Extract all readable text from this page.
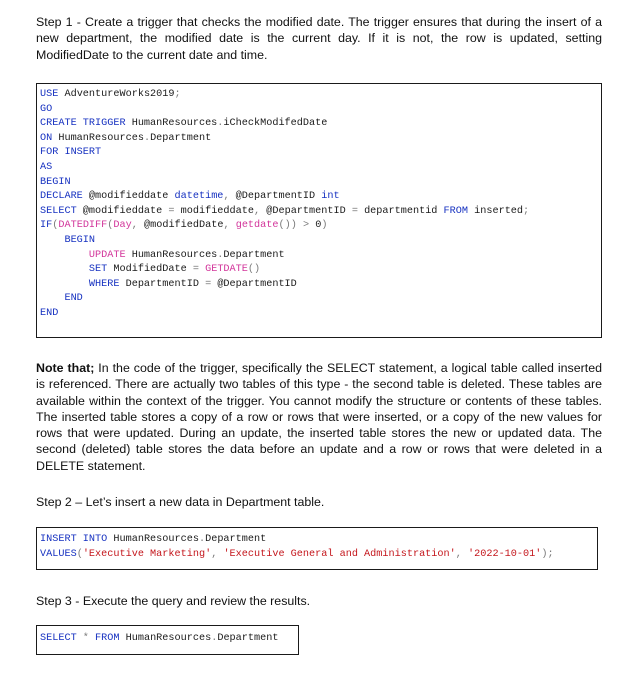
Step 1 - Create a trigger that checks the modified date. The trigger ensures that during the insert of a new department, the modified date is the current day. If it is not, the row is updated, setting ModifiedDate to the current date and time.

USE AdventureWorks2019;
GO
CREATE TRIGGER HumanResources.iCheckModifedDate
ON HumanResources.Department
FOR INSERT
AS
BEGIN
DECLARE @modifieddate datetime, @DepartmentID int
SELECT @modifieddate = modifieddate, @DepartmentID = departmentid FROM inserted;
IF(DATEDIFF(Day, @modifiedDate, getdate()) > 0)
BEGIN
UPDATE HumanResources.Department
SET ModifiedDate = GETDATE()
WHERE DepartmentID = @DepartmentID
END
END

Note that; In the code of the trigger, specifically the SELECT statement, a logical table called inserted is referenced. There are actually two tables of this type - the second table is deleted. These tables are available within the context of the trigger. You cannot modify the structure or contents of these tables. The inserted table stores a copy of a row or rows that were inserted, or a copy of the new values for rows that were updated. During an update, the inserted table stores the new or updated data. The second (deleted) table stores the data before an update and a row or rows that were deleted in a DELETE statement.

Step 2 – Let’s insert a new data in Department table.

INSERT INTO HumanResources.Department
VALUES('Executive Marketing', 'Executive General and Administration', '2022-10-01');

Step 3 - Execute the query and review the results.

SELECT * FROM HumanResources.Department
